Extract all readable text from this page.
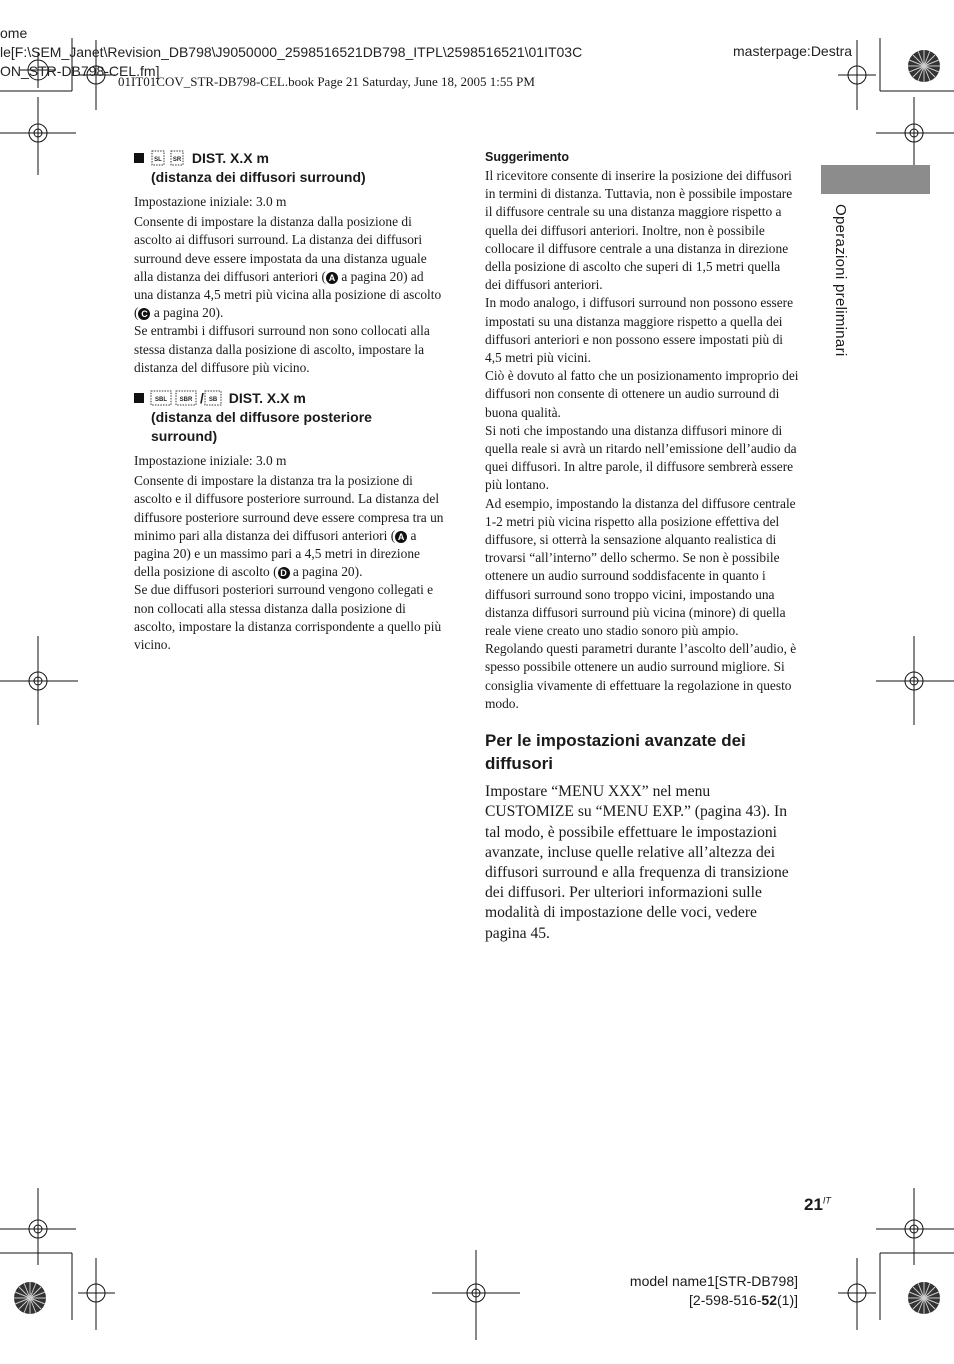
ome
le[F:\SEM_Janet\Revision_DB798\J9050000_2598516521DB798_ITPL\2598516521\01IT03C
ON_STR-DB798-CEL.fm]
masterpage:Destra
01IT01COV_STR-DB798-CEL.book Page 21 Saturday, June 18, 2005 1:55 PM
Operazioni preliminari
SL SR DIST. X.X m
(distanza dei diffusori surround)

Impostazione iniziale: 3.0 m

Consente di impostare la distanza dalla posizione di ascolto ai diffusori surround. La distanza dei diffusori surround deve essere impostata da una distanza uguale alla distanza dei diffusori anteriori ( A a pagina 20) ad una distanza 4,5 metri più vicina alla posizione di ascolto ( C a pagina 20).

Se entrambi i diffusori surround non sono collocati alla stessa distanza dalla posizione di ascolto, impostare la distanza del diffusore più vicino.

SBL SBR / SB DIST. X.X m
(distanza del diffusore posteriore
surround)

Impostazione iniziale: 3.0 m

Consente di impostare la distanza tra la posizione di ascolto e il diffusore posteriore surround. La distanza del diffusore posteriore surround deve essere compresa tra un minimo pari alla distanza dei diffusori anteriori ( A a pagina 20) e un massimo pari a 4,5 metri in direzione della posizione di ascolto ( D a pagina 20).

Se due diffusori posteriori surround vengono collegati e non collocati alla stessa distanza dalla posizione di ascolto, impostare la distanza corrispondente a quello più vicino.

Suggerimento

Il ricevitore consente di inserire la posizione dei diffusori in termini di distanza. Tuttavia, non è possibile impostare il diffusore centrale su una distanza maggiore rispetto a quella dei diffusori anteriori. Inoltre, non è possibile collocare il diffusore centrale a una distanza in direzione della posizione di ascolto che superi di 1,5 metri quella dei diffusori anteriori.

In modo analogo, i diffusori surround non possono essere impostati su una distanza maggiore rispetto a quella dei diffusori anteriori e non possono essere impostati più di 4,5 metri più vicini.

Ciò è dovuto al fatto che un posizionamento improprio dei diffusori non consente di ottenere un audio surround di buona qualità.

Si noti che impostando una distanza diffusori minore di quella reale si avrà un ritardo nell’emissione dell’audio da quei diffusori. In altre parole, il diffusore sembrerà essere più lontano.

Ad esempio, impostando la distanza del diffusore centrale 1-2 metri più vicina rispetto alla posizione effettiva del diffusore, si otterrà la sensazione alquanto realistica di trovarsi “all’interno” dello schermo. Se non è possibile ottenere un audio surround soddisfacente in quanto i diffusori surround sono troppo vicini, impostando una distanza diffusori surround più vicina (minore) di quella reale viene creato uno stadio sonoro più ampio.

Regolando questi parametri durante l’ascolto dell’audio, è spesso possibile ottenere un audio surround migliore. Si consiglia vivamente di effettuare la regolazione in questo modo.

Per le impostazioni avanzate dei diffusori
Impostare “MENU XXX” nel menu CUSTOMIZE su “MENU EXP.” (pagina 43). In tal modo, è possibile effettuare le impostazioni avanzate, incluse quelle relative all’altezza dei diffusori surround e alla frequenza di transizione dei diffusori. Per ulteriori informazioni sulle modalità di impostazione delle voci, vedere pagina 45.
$21^{IT}$
model name1[STR-DB798]
[2-598-516-52(1)]
